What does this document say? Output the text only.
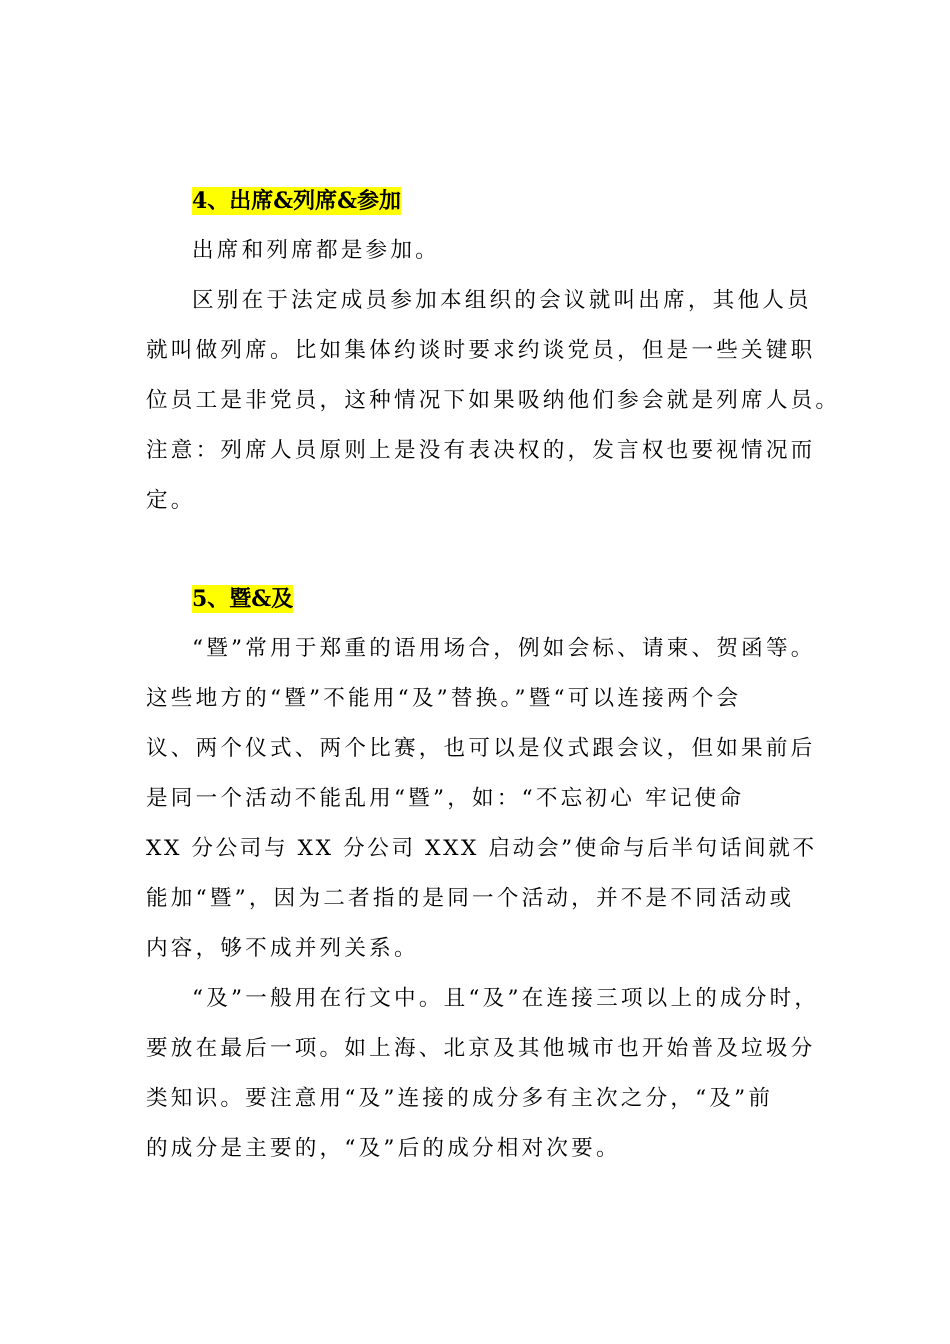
4、出席&列席&参加
出席和列席都是参加。
区别在于法定成员参加本组织的会议就叫出席，其他人员
就叫做列席。比如集体约谈时要求约谈党员，但是一些关键职
位员工是非党员，这种情况下如果吸纳他们参会就是列席人员。
注意：列席人员原则上是没有表决权的，发言权也要视情况而
定。
5、暨&及
“暨”常用于郑重的语用场合，例如会标、请柬、贺函等。
这些地方的“暨”不能用“及”替换。”暨“可以连接两个会
议、两个仪式、两个比赛，也可以是仪式跟会议，但如果前后
是同一个活动不能乱用“暨”，如：“不忘初心 牢记使命
XX 分公司与 XX 分公司 XXX 启动会”使命与后半句话间就不
能加“暨”，因为二者指的是同一个活动，并不是不同活动或
内容，够不成并列关系。
“及”一般用在行文中。且“及”在连接三项以上的成分时，
要放在最后一项。如上海、北京及其他城市也开始普及垃圾分
类知识。要注意用“及”连接的成分多有主次之分，“及”前
的成分是主要的，“及”后的成分相对次要。
